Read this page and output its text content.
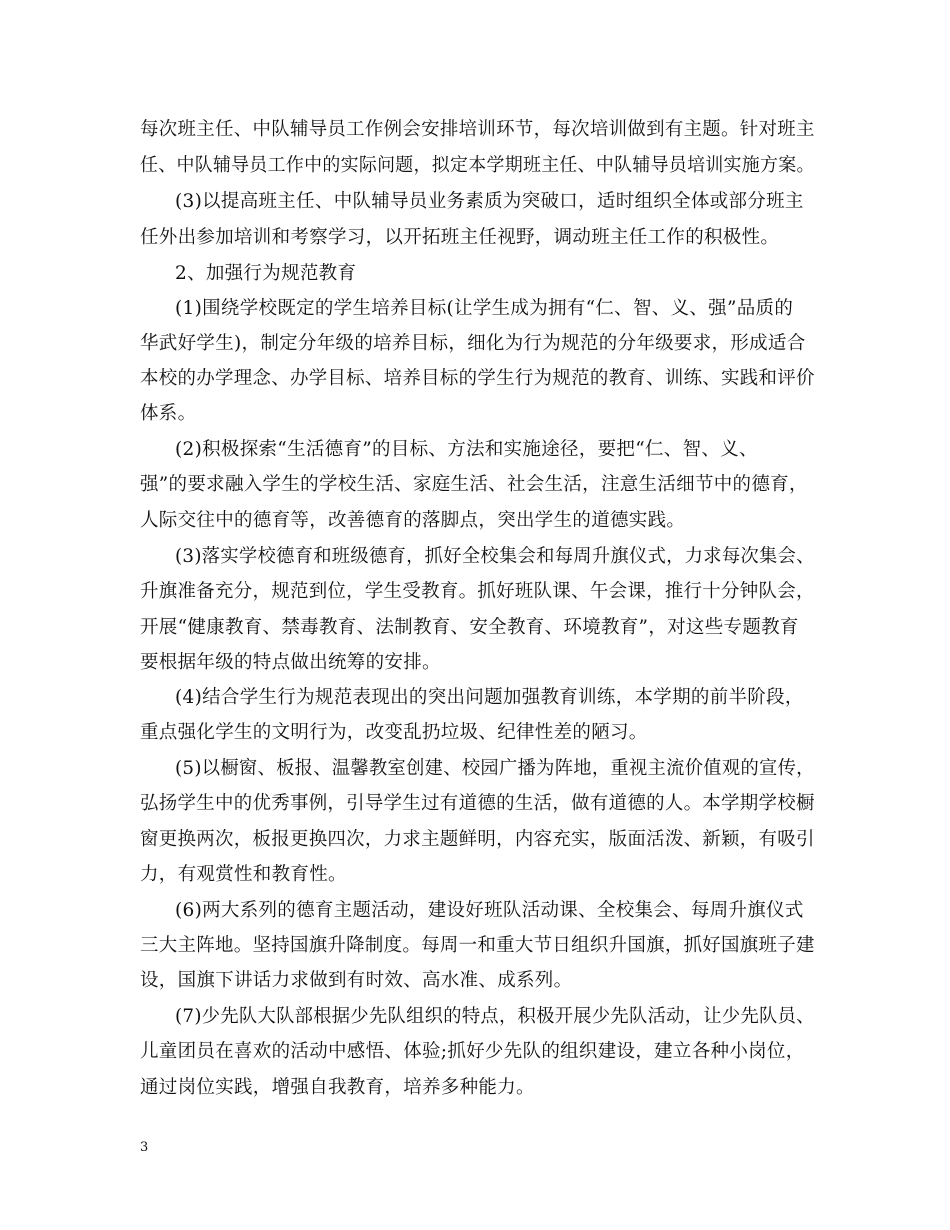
每次班主任、中队辅导员工作例会安排培训环节，每次培训做到有主题。针对班主
任、中队辅导员工作中的实际问题，拟定本学期班主任、中队辅导员培训实施方案。
(3)以提高班主任、中队辅导员业务素质为突破口，适时组织全体或部分班主
任外出参加培训和考察学习，以开拓班主任视野，调动班主任工作的积极性。
2、加强行为规范教育
(1)围绕学校既定的学生培养目标(让学生成为拥有“仁、智、义、强”品质的
华武好学生)，制定分年级的培养目标，细化为行为规范的分年级要求，形成适合
本校的办学理念、办学目标、培养目标的学生行为规范的教育、训练、实践和评价
体系。
(2)积极探索“生活德育”的目标、方法和实施途径，要把“仁、智、义、
强”的要求融入学生的学校生活、家庭生活、社会生活，注意生活细节中的德育，
人际交往中的德育等，改善德育的落脚点，突出学生的道德实践。
(3)落实学校德育和班级德育，抓好全校集会和每周升旗仪式，力求每次集会、
升旗准备充分，规范到位，学生受教育。抓好班队课、午会课，推行十分钟队会，
开展“健康教育、禁毒教育、法制教育、安全教育、环境教育”，对这些专题教育
要根据年级的特点做出统筹的安排。
(4)结合学生行为规范表现出的突出问题加强教育训练，本学期的前半阶段，
重点强化学生的文明行为，改变乱扔垃圾、纪律性差的陋习。
(5)以橱窗、板报、温馨教室创建、校园广播为阵地，重视主流价值观的宣传，
弘扬学生中的优秀事例，引导学生过有道德的生活，做有道德的人。本学期学校橱
窗更换两次，板报更换四次，力求主题鲜明，内容充实，版面活泼、新颖，有吸引
力，有观赏性和教育性。
(6)两大系列的德育主题活动，建设好班队活动课、全校集会、每周升旗仪式
三大主阵地。坚持国旗升降制度。每周一和重大节日组织升国旗，抓好国旗班子建
设，国旗下讲话力求做到有时效、高水准、成系列。
(7)少先队大队部根据少先队组织的特点，积极开展少先队活动，让少先队员、
儿童团员在喜欢的活动中感悟、体验;抓好少先队的组织建设，建立各种小岗位，
通过岗位实践，增强自我教育，培养多种能力。
3
